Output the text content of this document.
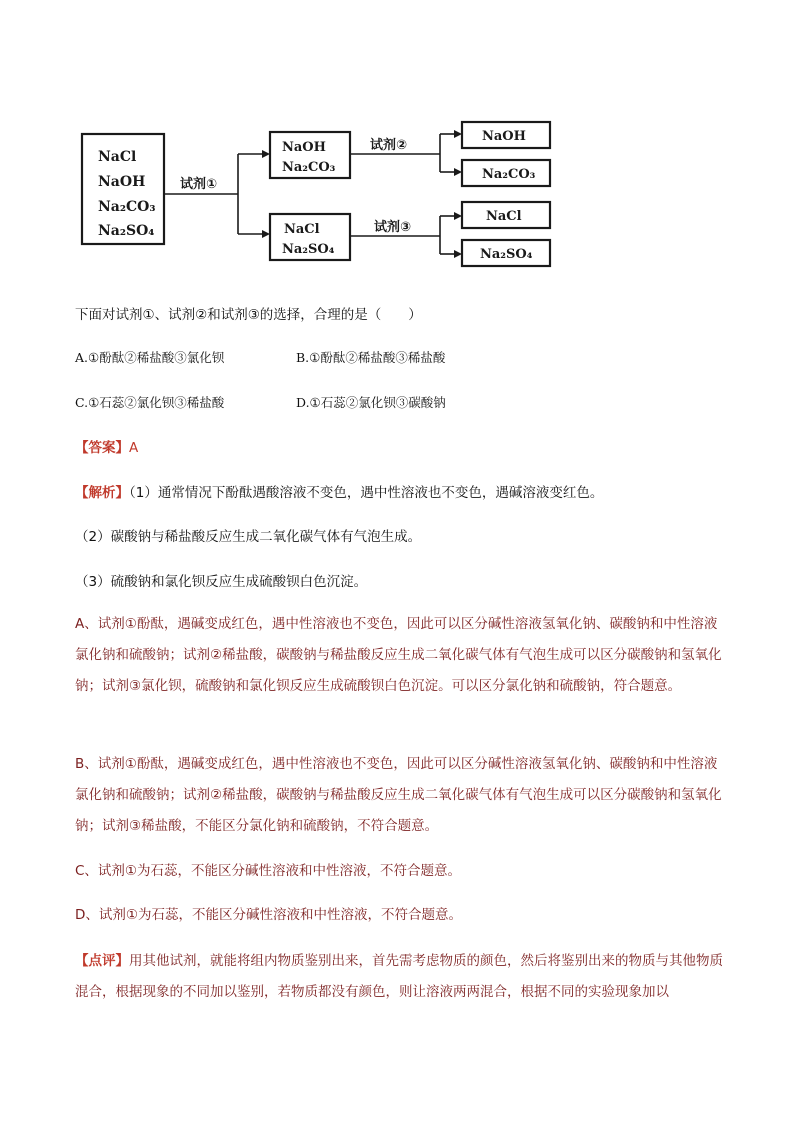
NaCl
NaOH
Na₂CO₃
Na₂SO₄
试剂①
NaOH
Na₂CO₃
NaCl
Na₂SO₄
试剂②
NaOH
Na₂CO₃
试剂③
NaCl
Na₂SO₄
下面对试剂①、试剂②和试剂③的选择，合理的是（　　）
A.①酚酞②稀盐酸③氯化钡	B.①酚酞②稀盐酸③稀盐酸
C.①石蕊②氯化钡③稀盐酸	D.①石蕊②氯化钡③碳酸钠
【答案】A
【解析】（1）通常情况下酚酞遇酸溶液不变色，遇中性溶液也不变色，遇碱溶液变红色。
（2）碳酸钠与稀盐酸反应生成二氧化碳气体有气泡生成。
（3）硫酸钠和氯化钡反应生成硫酸钡白色沉淀。
A、试剂①酚酞，遇碱变成红色，遇中性溶液也不变色，因此可以区分碱性溶液氢氧化钠、碳酸钠和中性溶液氯化钠和硫酸钠；试剂②稀盐酸，碳酸钠与稀盐酸反应生成二氧化碳气体有气泡生成可以区分碳酸钠和氢氧化钠；试剂③氯化钡，硫酸钠和氯化钡反应生成硫酸钡白色沉淀。可以区分氯化钠和硫酸钠，符合题意。
B、试剂①酚酞，遇碱变成红色，遇中性溶液也不变色，因此可以区分碱性溶液氢氧化钠、碳酸钠和中性溶液氯化钠和硫酸钠；试剂②稀盐酸，碳酸钠与稀盐酸反应生成二氧化碳气体有气泡生成可以区分碳酸钠和氢氧化钠；试剂③稀盐酸，不能区分氯化钠和硫酸钠，不符合题意。
C、试剂①为石蕊，不能区分碱性溶液和中性溶液，不符合题意。
D、试剂①为石蕊，不能区分碱性溶液和中性溶液，不符合题意。
【点评】用其他试剂，就能将组内物质鉴别出来，首先需考虑物质的颜色，然后将鉴别出来的物质与其他物质混合，根据现象的不同加以鉴别，若物质都没有颜色，则让溶液两两混合，根据不同的实验现象加以
